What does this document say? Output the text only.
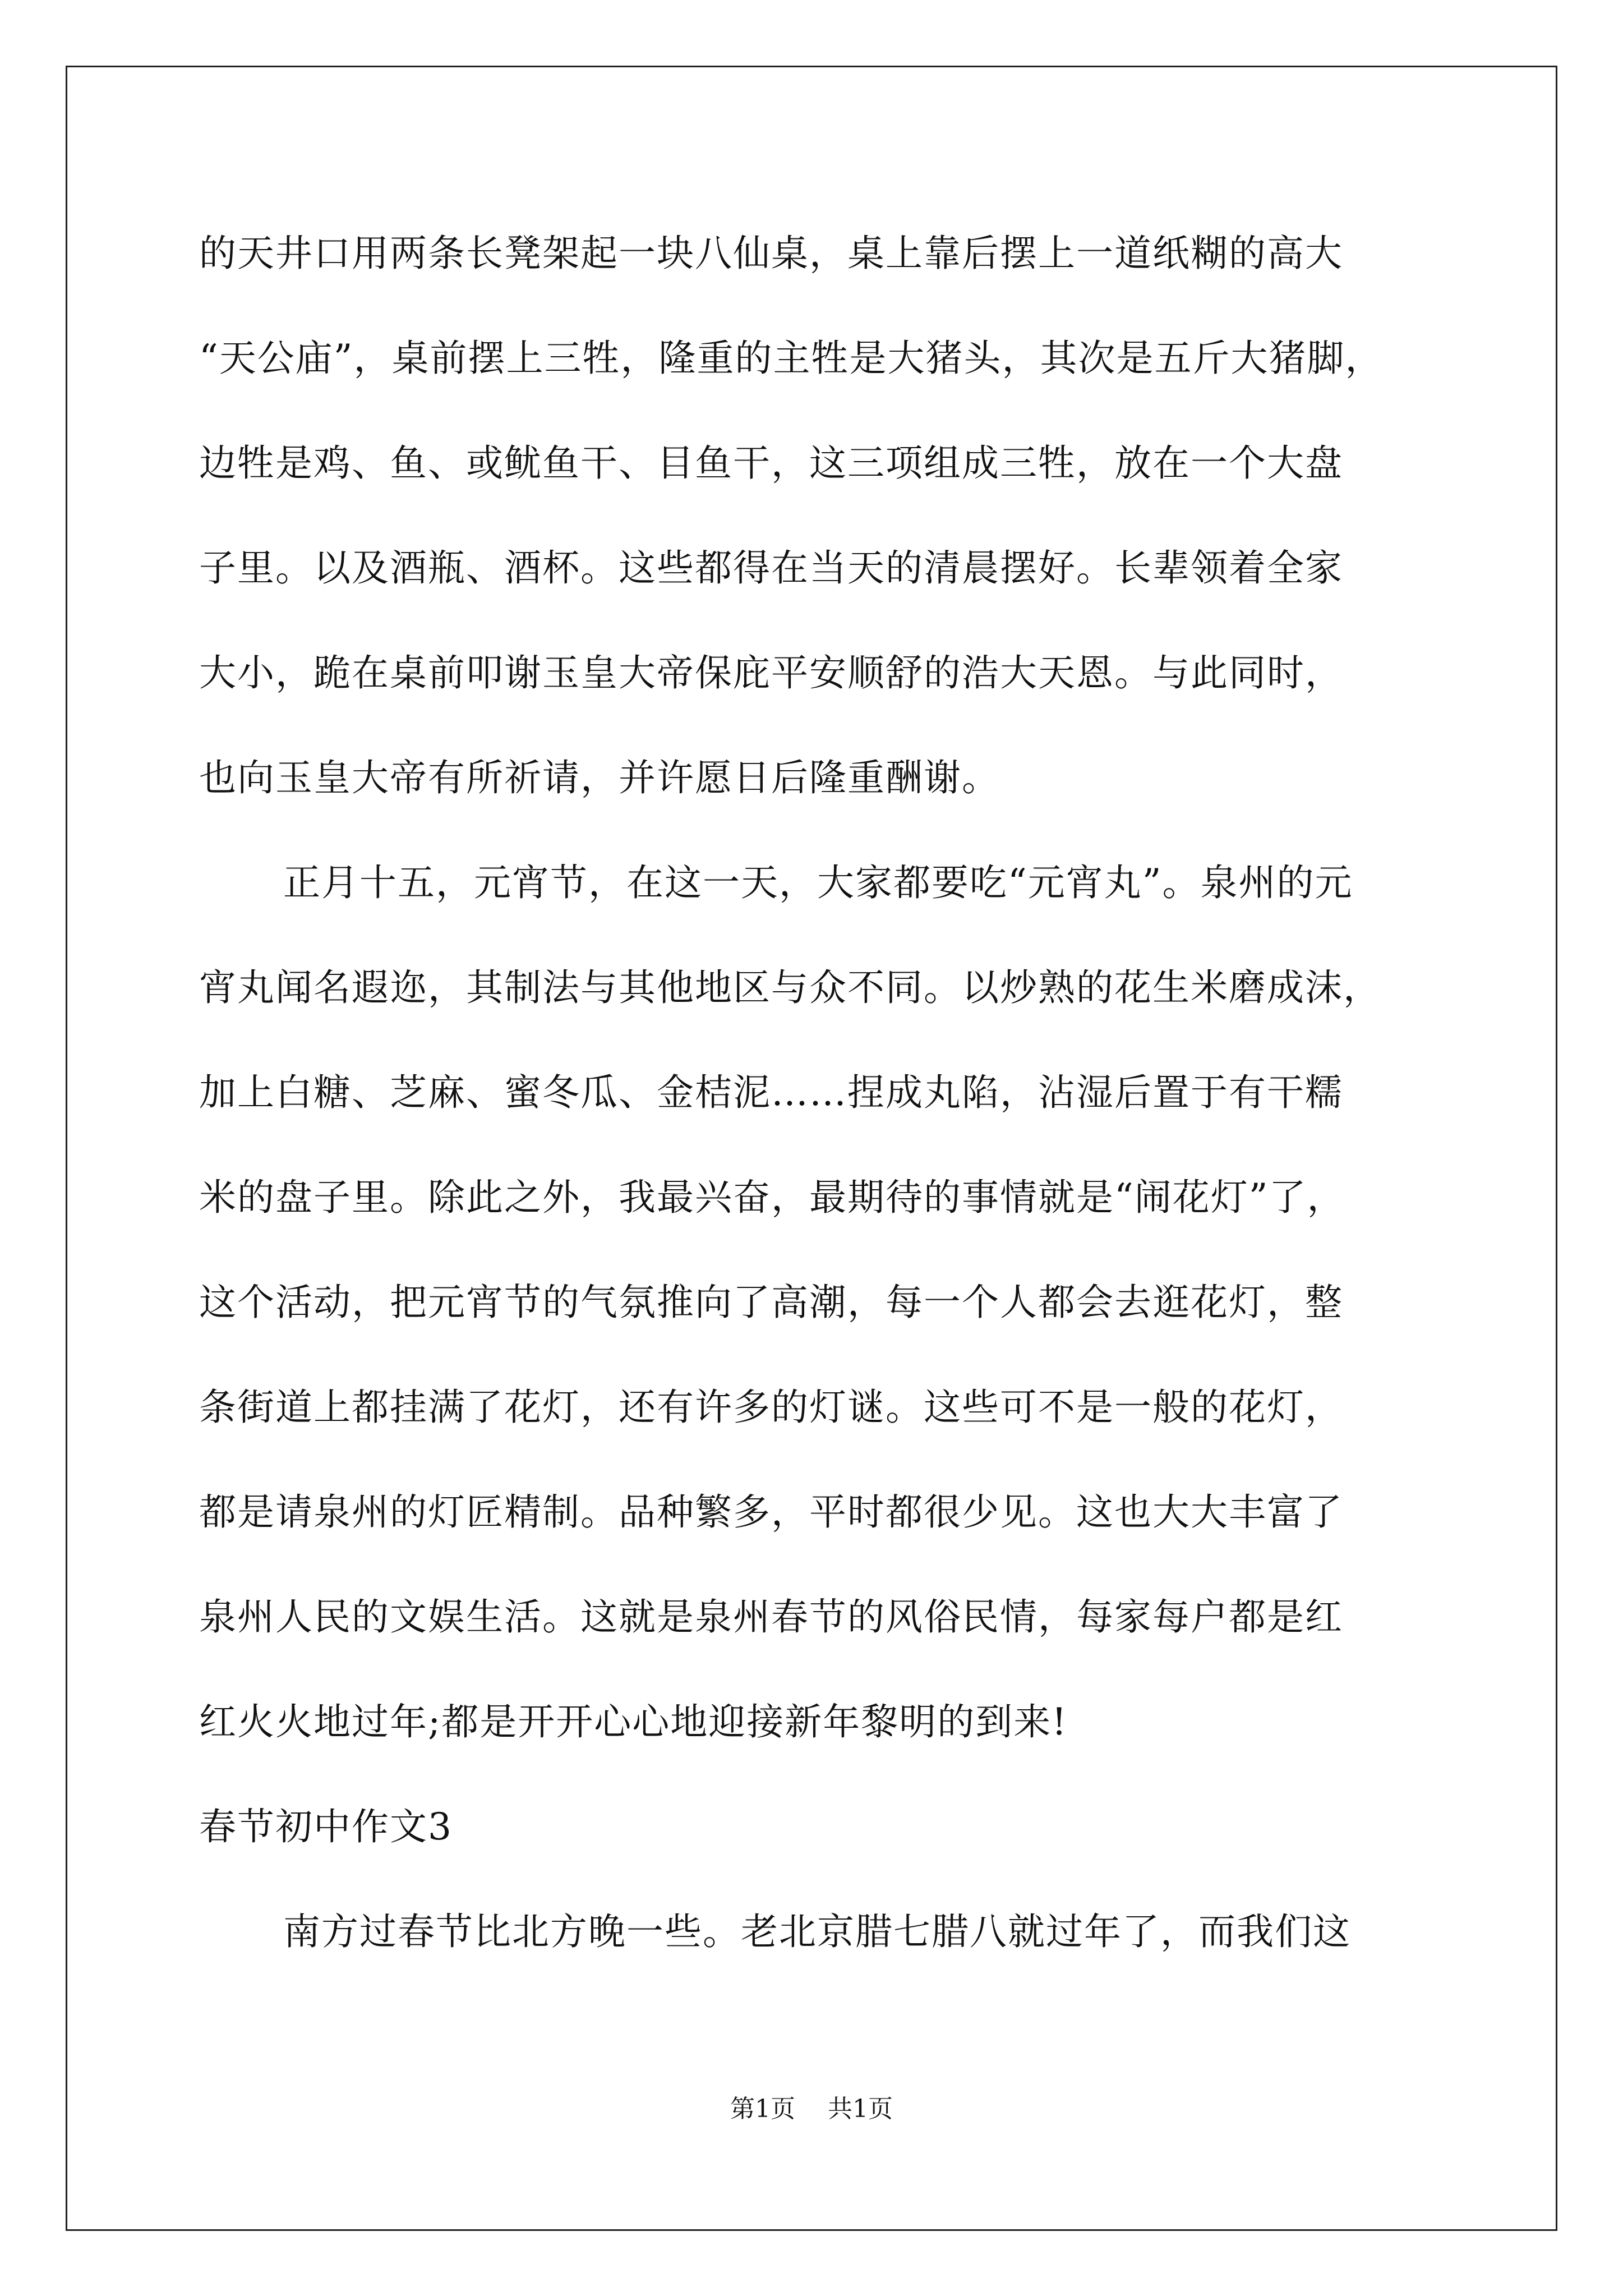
的天井口用两条长凳架起一块八仙桌，桌上靠后摆上一道纸糊的高大
“天公庙”，桌前摆上三牲，隆重的主牲是大猪头，其次是五斤大猪脚，
边牲是鸡、鱼、或鱿鱼干、目鱼干，这三项组成三牲，放在一个大盘
子里。以及酒瓶、酒杯。这些都得在当天的清晨摆好。长辈领着全家
大小，跪在桌前叩谢玉皇大帝保庇平安顺舒的浩大天恩。与此同时，
也向玉皇大帝有所祈请，并许愿日后隆重酬谢。
正月十五，元宵节，在这一天，大家都要吃“元宵丸”。泉州的元
宵丸闻名遐迩，其制法与其他地区与众不同。以炒熟的花生米磨成沫，
加上白糖、芝麻、蜜冬瓜、金桔泥……捏成丸陷，沾湿后置于有干糯
米的盘子里。除此之外，我最兴奋，最期待的事情就是“闹花灯”了，
这个活动，把元宵节的气氛推向了高潮，每一个人都会去逛花灯，整
条街道上都挂满了花灯，还有许多的灯谜。这些可不是一般的花灯，
都是请泉州的灯匠精制。品种繁多，平时都很少见。这也大大丰富了
泉州人民的文娱生活。这就是泉州春节的风俗民情，每家每户都是红
红火火地过年;都是开开心心地迎接新年黎明的到来!
春节初中作文3
南方过春节比北方晚一些。老北京腊七腊八就过年了，而我们这
第1页 共1页
